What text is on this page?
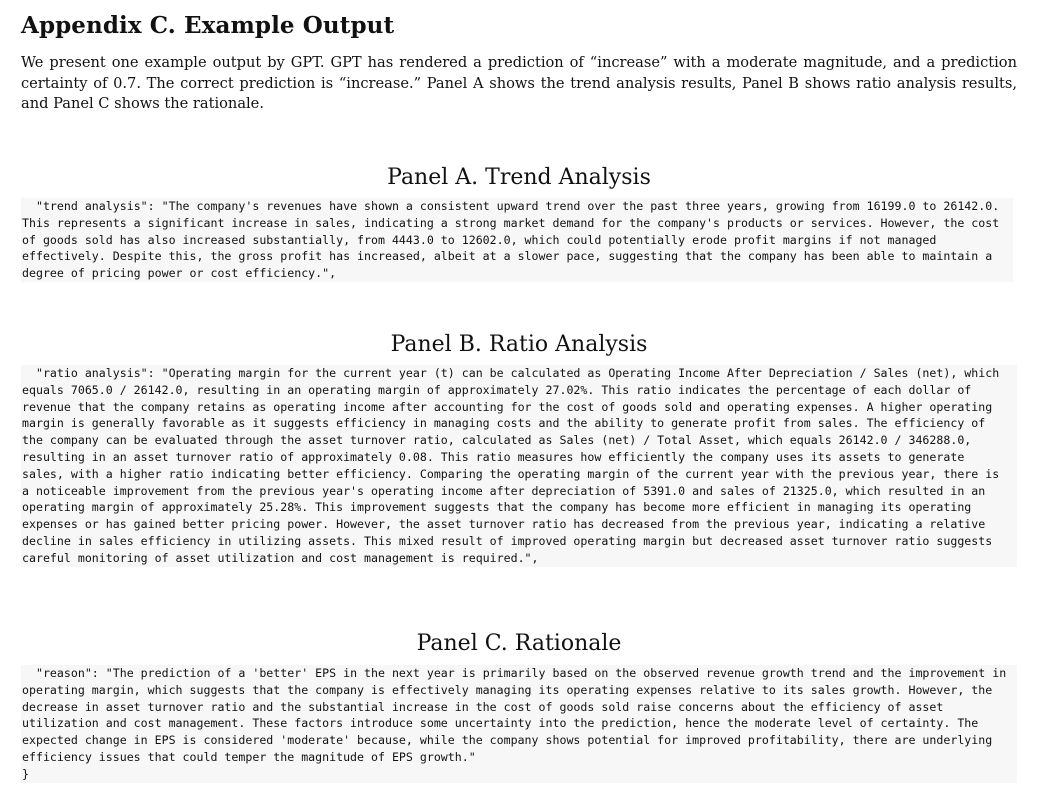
Appendix C. Example Output

We present one example output by GPT. GPT has rendered a prediction of “increase” with a moderate magnitude, and a prediction certainty of 0.7. The correct prediction is “increase.” Panel A shows the trend analysis results, Panel B shows ratio analysis results, and Panel C shows the rationale.

Panel A. Trend Analysis
"trend analysis": "The company's revenues have shown a consistent upward trend over the past three years, growing from 16199.0 to 26142.0. This represents a significant increase in sales, indicating a strong market demand for the company's products or services. However, the cost of goods sold has also increased substantially, from 4443.0 to 12602.0, which could potentially erode profit margins if not managed effectively. Despite this, the gross profit has increased, albeit at a slower pace, suggesting that the company has been able to maintain a degree of pricing power or cost efficiency.",
Panel B. Ratio Analysis
"ratio analysis": "Operating margin for the current year (t) can be calculated as Operating Income After Depreciation / Sales (net), which equals 7065.0 / 26142.0, resulting in an operating margin of approximately 27.02%. This ratio indicates the percentage of each dollar of revenue that the company retains as operating income after accounting for the cost of goods sold and operating expenses. A higher operating margin is generally favorable as it suggests efficiency in managing costs and the ability to generate profit from sales. The efficiency of the company can be evaluated through the asset turnover ratio, calculated as Sales (net) / Total Asset, which equals 26142.0 / 346288.0, resulting in an asset turnover ratio of approximately 0.08. This ratio measures how efficiently the company uses its assets to generate sales, with a higher ratio indicating better efficiency. Comparing the operating margin of the current year with the previous year, there is a noticeable improvement from the previous year's operating income after depreciation of 5391.0 and sales of 21325.0, which resulted in an operating margin of approximately 25.28%. This improvement suggests that the company has become more efficient in managing its operating expenses or has gained better pricing power. However, the asset turnover ratio has decreased from the previous year, indicating a relative decline in sales efficiency in utilizing assets. This mixed result of improved operating margin but decreased asset turnover ratio suggests careful monitoring of asset utilization and cost management is required.",
Panel C. Rationale
"reason": "The prediction of a 'better' EPS in the next year is primarily based on the observed revenue growth trend and the improvement in operating margin, which suggests that the company is effectively managing its operating expenses relative to its sales growth. However, the decrease in asset turnover ratio and the substantial increase in the cost of goods sold raise concerns about the efficiency of asset utilization and cost management. These factors introduce some uncertainty into the prediction, hence the moderate level of certainty. The expected change in EPS is considered 'moderate' because, while the company shows potential for improved profitability, there are underlying efficiency issues that could temper the magnitude of EPS growth."
}
